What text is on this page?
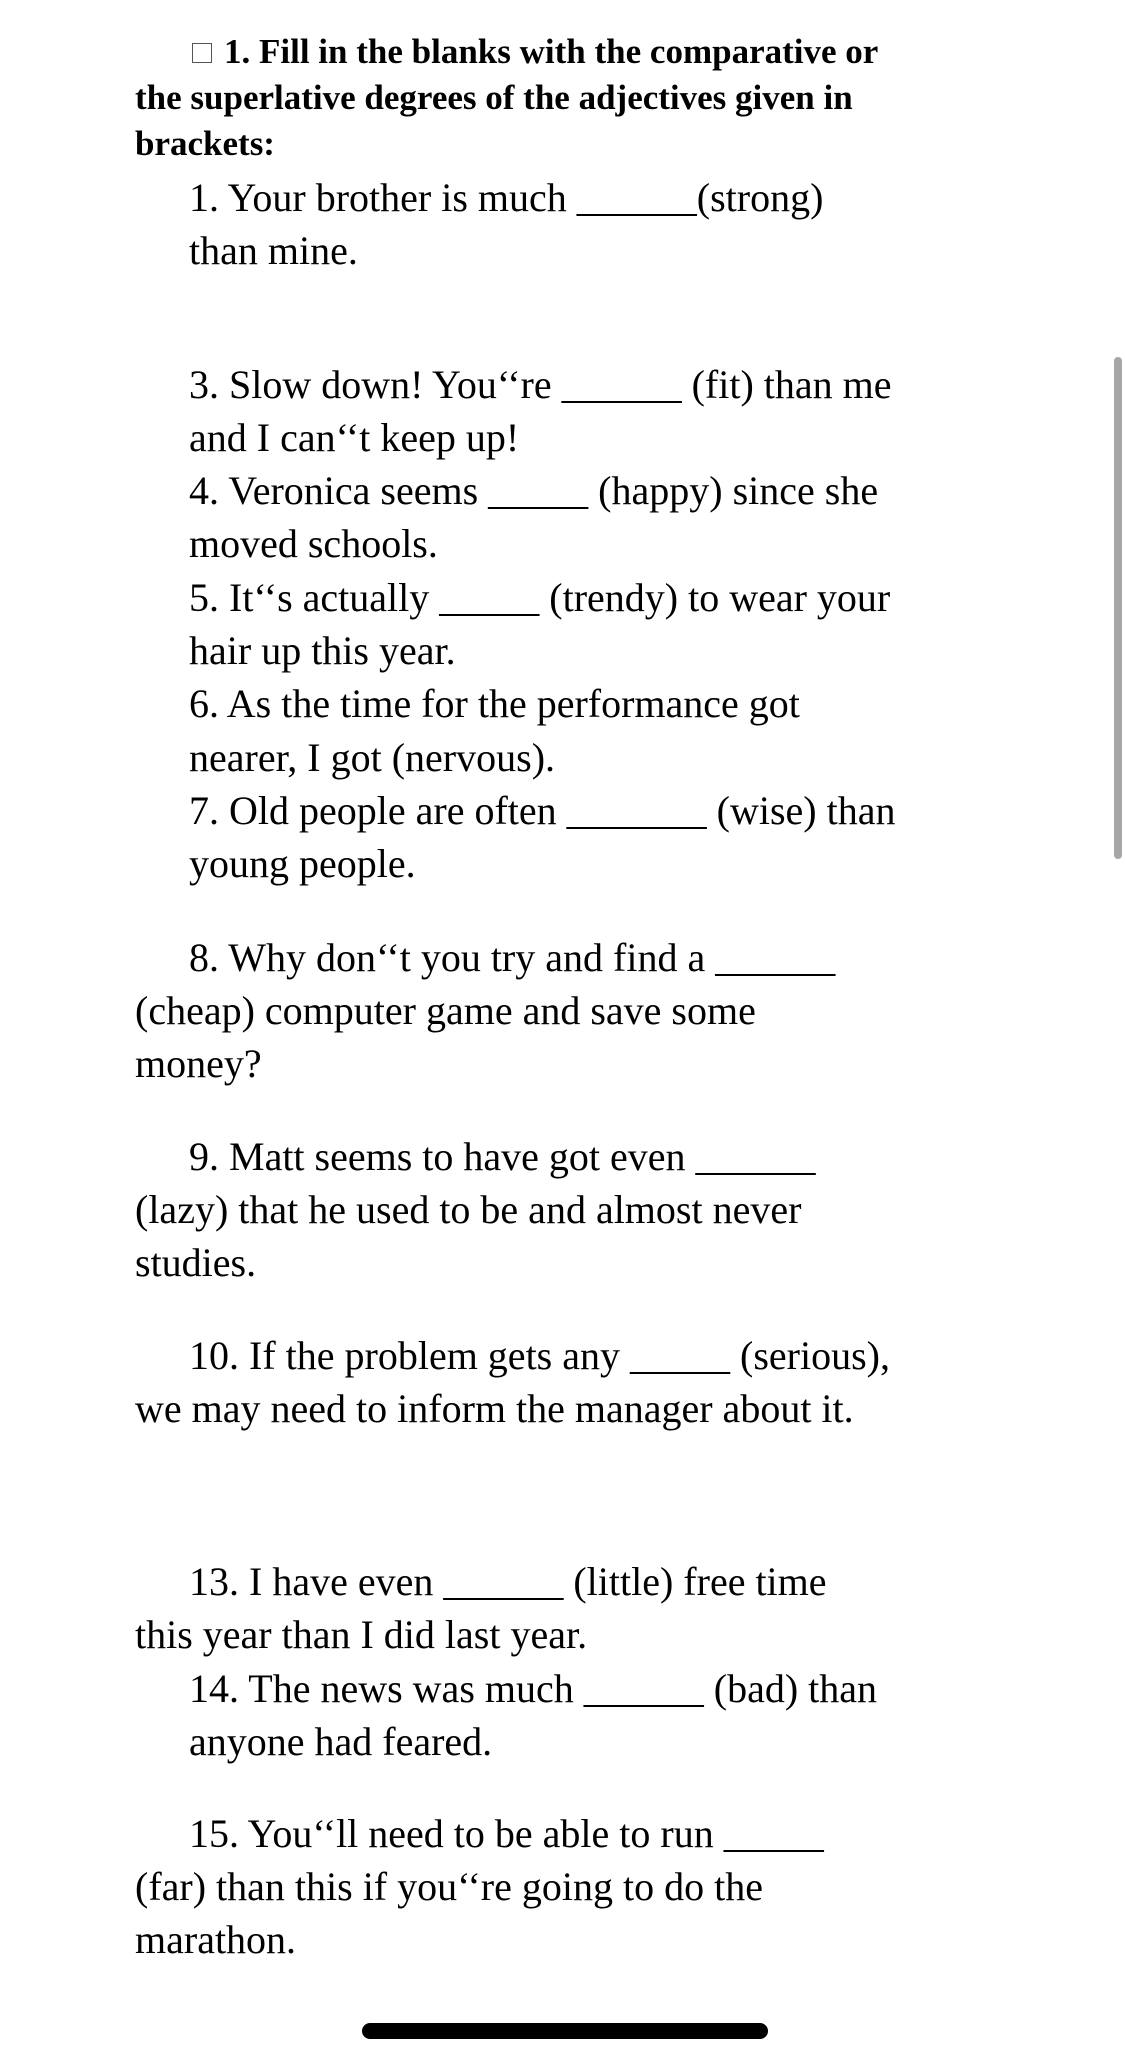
1. Fill in the blanks with the comparative or
the superlative degrees of the adjectives given in
brackets:
1. Your brother is much ______(strong)
than mine.
3. Slow down! You‘‘re ______ (fit) than me
and I can‘‘t keep up!
4. Veronica seems _____ (happy) since she
moved schools.
5. It‘‘s actually _____ (trendy) to wear your
hair up this year.
6. As the time for the performance got
nearer, I got (nervous).
7. Old people are often _______ (wise) than
young people.
8. Why don‘‘t you try and find a ______
(cheap) computer game and save some
money?
9. Matt seems to have got even ______
(lazy) that he used to be and almost never
studies.
10. If the problem gets any _____ (serious),
we may need to inform the manager about it.
13. I have even ______ (little) free time
this year than I did last year.
14. The news was much ______ (bad) than
anyone had feared.
15. You‘‘ll need to be able to run _____
(far) than this if you‘‘re going to do the
marathon.
